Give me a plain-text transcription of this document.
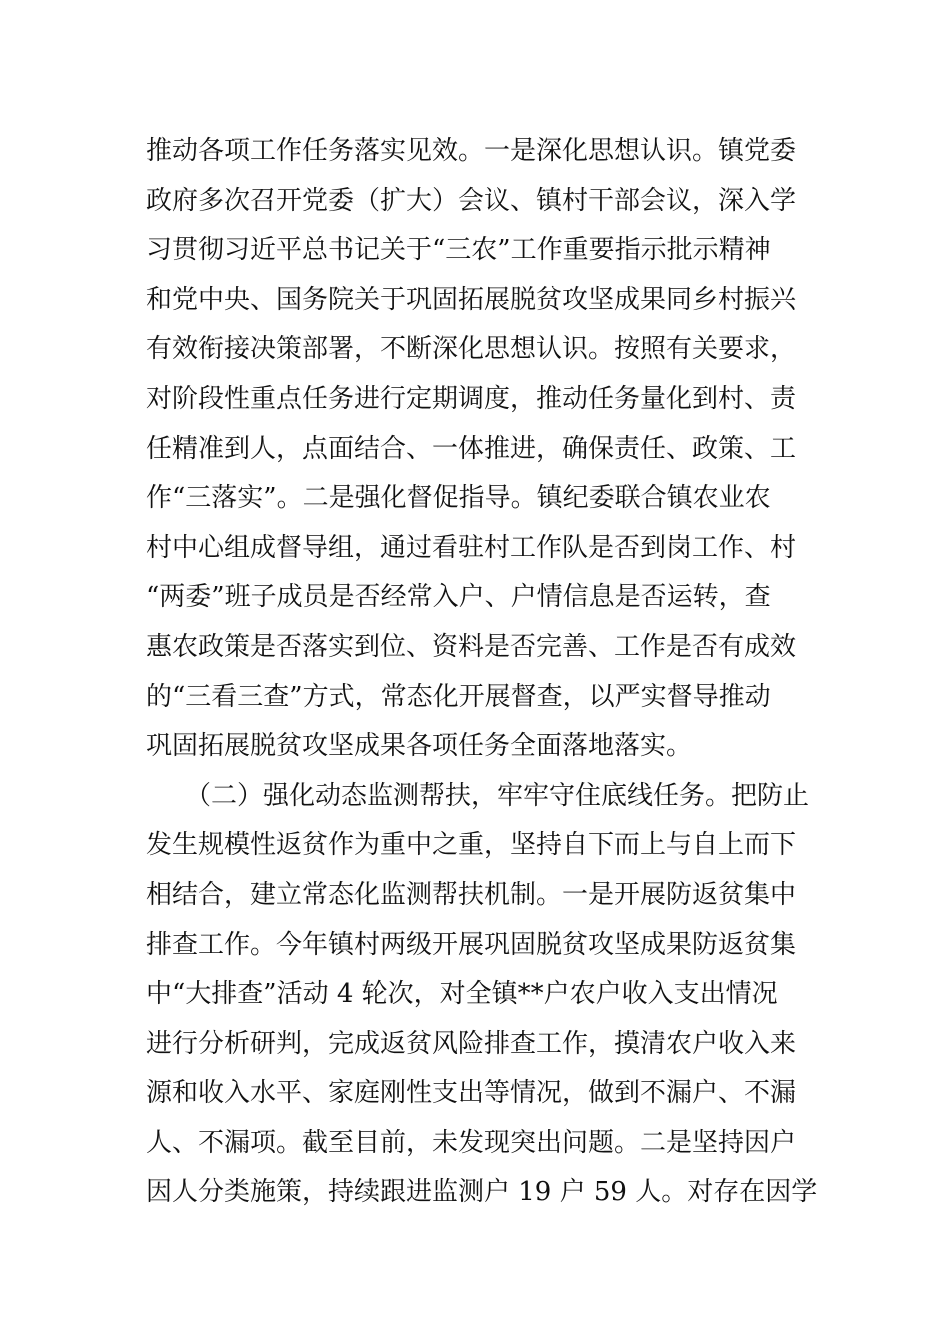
推动各项工作任务落实见效。一是深化思想认识。镇党委
政府多次召开党委（扩大）会议、镇村干部会议，深入学
习贯彻习近平总书记关于“三农”工作重要指示批示精神
和党中央、国务院关于巩固拓展脱贫攻坚成果同乡村振兴
有效衔接决策部署，不断深化思想认识。按照有关要求，
对阶段性重点任务进行定期调度，推动任务量化到村、责
任精准到人，点面结合、一体推进，确保责任、政策、工
作“三落实”。二是强化督促指导。镇纪委联合镇农业农
村中心组成督导组，通过看驻村工作队是否到岗工作、村
“两委”班子成员是否经常入户、户情信息是否运转，查
惠农政策是否落实到位、资料是否完善、工作是否有成效
的“三看三查”方式，常态化开展督查，以严实督导推动
巩固拓展脱贫攻坚成果各项任务全面落地落实。
　　（二）强化动态监测帮扶，牢牢守住底线任务。把防止
发生规模性返贫作为重中之重，坚持自下而上与自上而下
相结合，建立常态化监测帮扶机制。一是开展防返贫集中
排查工作。今年镇村两级开展巩固脱贫攻坚成果防返贫集
中“大排查”活动 4 轮次，对全镇**户农户收入支出情况
进行分析研判，完成返贫风险排查工作，摸清农户收入来
源和收入水平、家庭刚性支出等情况，做到不漏户、不漏
人、不漏项。截至目前，未发现突出问题。二是坚持因户
因人分类施策，持续跟进监测户 19 户 59 人。对存在因学
